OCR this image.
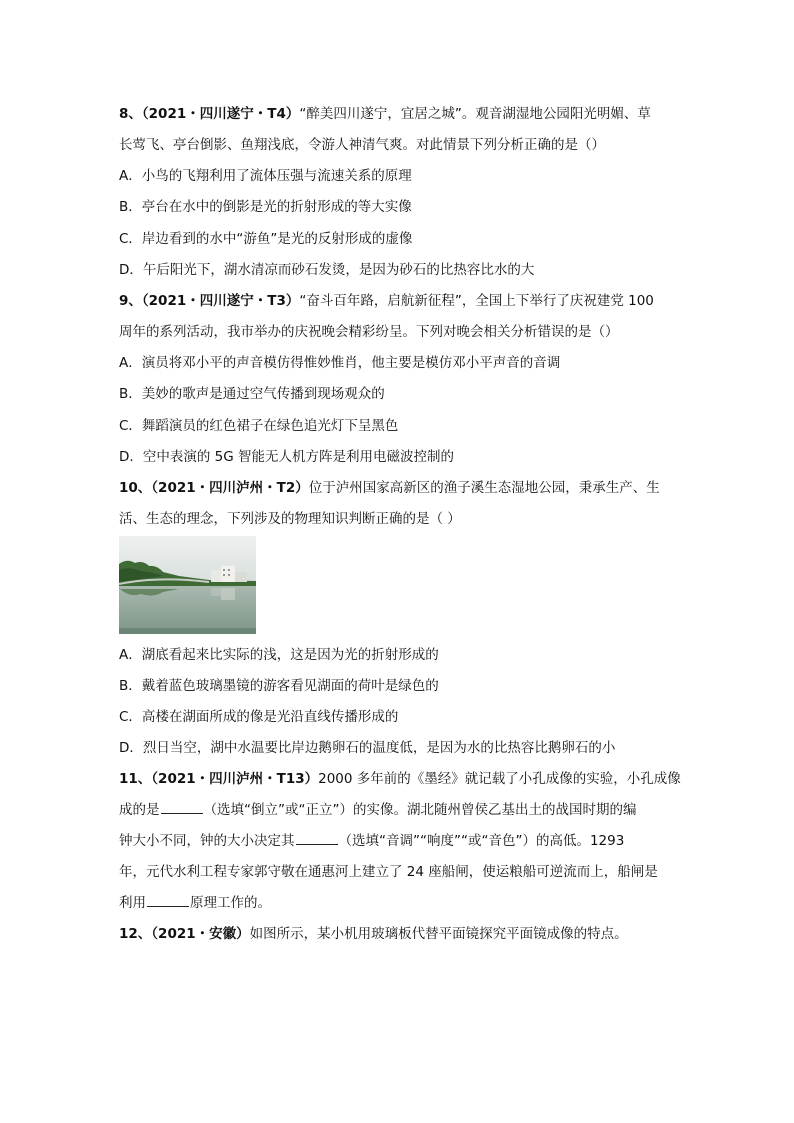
8、（2021・四川遂宁・T4）“醉美四川遂宁，宜居之城”。观音湖湿地公园阳光明媚、草
长莺飞、亭台倒影、鱼翔浅底，令游人神清气爽。对此情景下列分析正确的是（）
A．小鸟的飞翔利用了流体压强与流速关系的原理
B．亭台在水中的倒影是光的折射形成的等大实像
C．岸边看到的水中“游鱼”是光的反射形成的虚像
D．午后阳光下，湖水清凉而砂石发烫，是因为砂石的比热容比水的大
9、（2021・四川遂宁・T3）“奋斗百年路，启航新征程”，全国上下举行了庆祝建党 100
周年的系列活动，我市举办的庆祝晚会精彩纷呈。下列对晚会相关分析错误的是（）
A．演员将邓小平的声音模仿得惟妙惟肖，他主要是模仿邓小平声音的音调
B．美妙的歌声是通过空气传播到现场观众的
C．舞蹈演员的红色裙子在绿色追光灯下呈黑色
D．空中表演的 5G 智能无人机方阵是利用电磁波控制的
10、（2021・四川泸州・T2）位于泸州国家高新区的渔子溪生态湿地公园，秉承生产、生
活、生态的理念，下列涉及的物理知识判断正确的是（ ）
A．湖底看起来比实际的浅，这是因为光的折射形成的
B．戴着蓝色玻璃墨镜的游客看见湖面的荷叶是绿色的
C．高楼在湖面所成的像是光沿直线传播形成的
D．烈日当空，湖中水温要比岸边鹅卵石的温度低，是因为水的比热容比鹅卵石的小
11、（2021・四川泸州・T13）2000 多年前的《墨经》就记载了小孔成像的实验，小孔成像
成的是	（选填“倒立”或“正立”）的实像。湖北随州曾侯乙基出土的战国时期的编
钟大小不同，钟的大小决定其	（选填“音调”“响度”“或“音色”）的高低。1293
年，元代水利工程专家郭守敬在通惠河上建立了 24 座船闸，使运粮船可逆流而上，船闸是
利用	原理工作的。
12、（2021・安徽）如图所示，某小机用玻璃板代替平面镜探究平面镜成像的特点。
